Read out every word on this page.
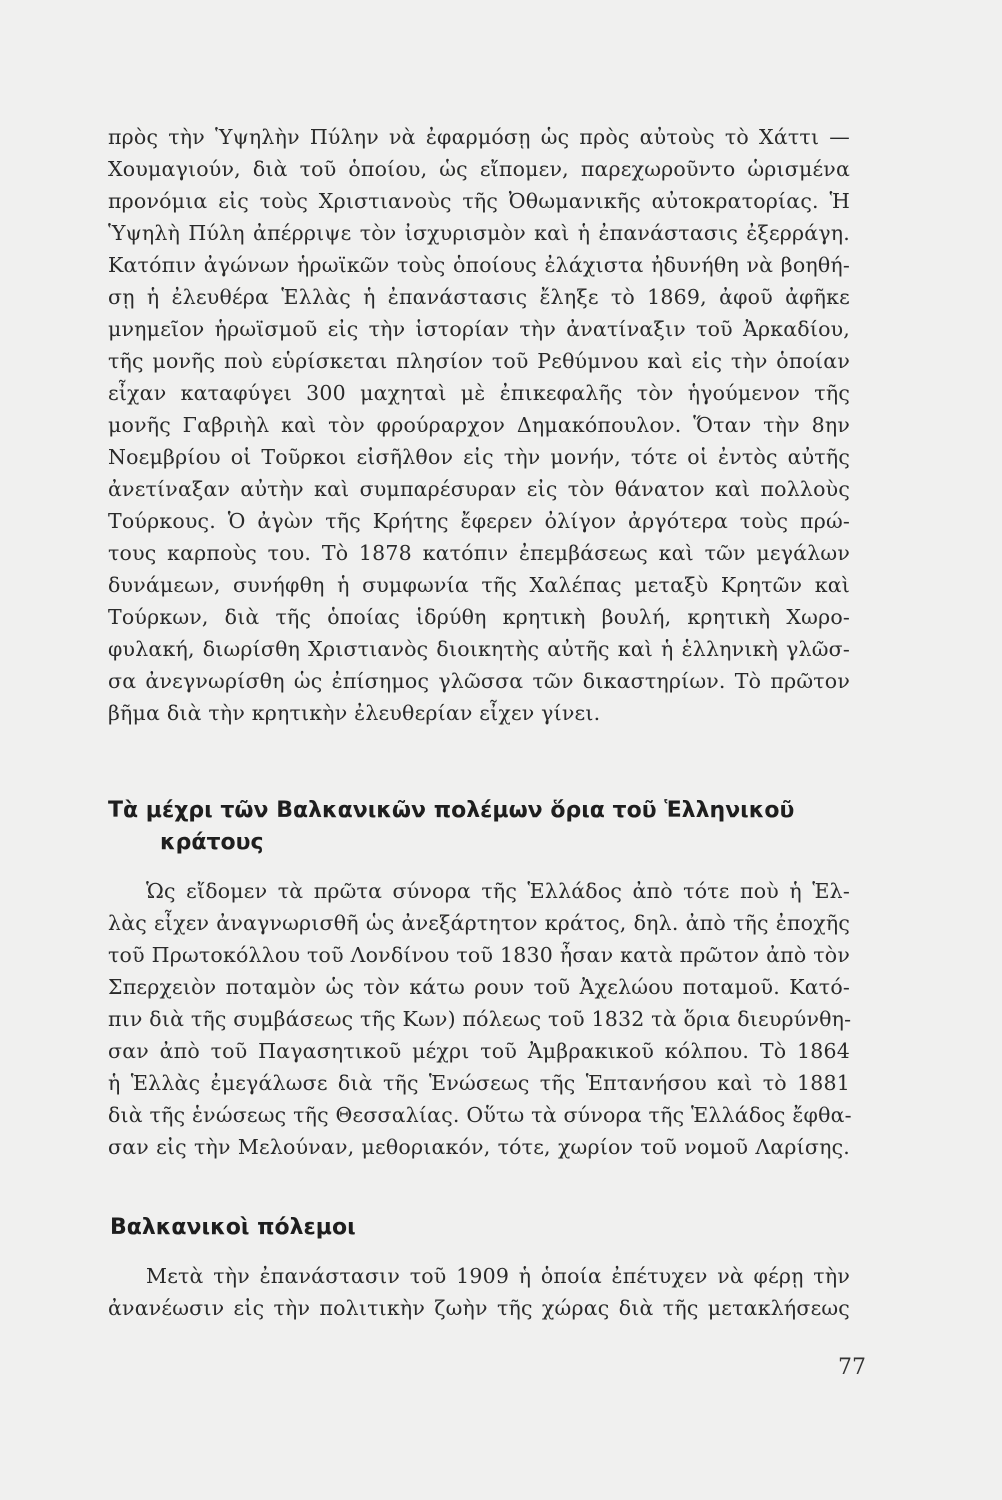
πρὸς τὴν Ὑψηλὴν Πύλην νὰ ἐφαρμόσῃ ὡς πρὸς αὐτοὺς τὸ Χάττι —
Χουμαγιούν, διὰ τοῦ ὁποίου, ὡς εἴπομεν, παρεχωροῦντο ὡρισμένα
προνόμια εἰς τοὺς Χριστιανοὺς τῆς Ὀθωμανικῆς αὐτοκρατορίας. Ἡ
Ὑψηλὴ Πύλη ἀπέρριψε τὸν ἰσχυρισμὸν καὶ ἡ ἐπανάστασις ἐξερράγη.
Κατόπιν ἀγώνων ἡρωϊκῶν τοὺς ὁποίους ἐλάχιστα ἠδυνήθη νὰ βοηθή-
σῃ ἡ ἐλευθέρα Ἑλλὰς ἡ ἐπανάστασις ἔληξε τὸ 1869, ἀφοῦ ἀφῆκε
μνημεῖον ἡρωϊσμοῦ εἰς τὴν ἱστορίαν τὴν ἀνατίναξιν τοῦ Ἀρκαδίου,
τῆς μονῆς ποὺ εὑρίσκεται πλησίον τοῦ Ρεθύμνου καὶ εἰς τὴν ὁποίαν
εἶχαν καταφύγει 300 μαχηταὶ μὲ ἐπικεφαλῆς τὸν ἡγούμενον τῆς
μονῆς Γαβριὴλ καὶ τὸν φρούραρχον Δημακόπουλον. Ὅταν τὴν 8ην
Νοεμβρίου οἱ Τοῦρκοι εἰσῆλθον εἰς τὴν μονήν, τότε οἱ ἐντὸς αὐτῆς
ἀνετίναξαν αὐτὴν καὶ συμπαρέσυραν εἰς τὸν θάνατον καὶ πολλοὺς
Τούρκους. Ὁ ἀγὼν τῆς Κρήτης ἔφερεν ὀλίγον ἀργότερα τοὺς πρώ-
τους καρποὺς του. Τὸ 1878 κατόπιν ἐπεμβάσεως καὶ τῶν μεγάλων
δυνάμεων, συνήφθη ἡ συμφωνία τῆς Χαλέπας μεταξὺ Κρητῶν καὶ
Τούρκων, διὰ τῆς ὁποίας ἱδρύθη κρητικὴ βουλή, κρητικὴ Χωρο-
φυλακή, διωρίσθη Χριστιανὸς διοικητὴς αὐτῆς καὶ ἡ ἑλληνικὴ γλῶσ-
σα ἀνεγνωρίσθη ὡς ἐπίσημος γλῶσσα τῶν δικαστηρίων. Τὸ πρῶτον
βῆμα διὰ τὴν κρητικὴν ἐλευθερίαν εἶχεν γίνει.
Τὰ μέχρι τῶν Βαλκανικῶν πολέμων ὅρια τοῦ Ἑλληνικοῦ
κράτους
Ὡς εἴδομεν τὰ πρῶτα σύνορα τῆς Ἑλλάδος ἀπὸ τότε ποὺ ἡ Ἑλ-
λὰς εἶχεν ἀναγνωρισθῆ ὡς ἀνεξάρτητον κράτος, δηλ. ἀπὸ τῆς ἐποχῆς
τοῦ Πρωτοκόλλου τοῦ Λονδίνου τοῦ 1830 ἦσαν κατὰ πρῶτον ἀπὸ τὸν
Σπερχειὸν ποταμὸν ὡς τὸν κάτω ρουν τοῦ Ἀχελώου ποταμοῦ. Κατό-
πιν διὰ τῆς συμβάσεως τῆς Κων) πόλεως τοῦ 1832 τὰ ὅρια διευρύνθη-
σαν ἀπὸ τοῦ Παγασητικοῦ μέχρι τοῦ Ἀμβρακικοῦ κόλπου. Τὸ 1864
ἡ Ἑλλὰς ἐμεγάλωσε διὰ τῆς Ἑνώσεως τῆς Ἑπτανήσου καὶ τὸ 1881
διὰ τῆς ἑνώσεως τῆς Θεσσαλίας. Οὕτω τὰ σύνορα τῆς Ἑλλάδος ἔφθα-
σαν εἰς τὴν Μελούναν, μεθοριακόν, τότε, χωρίον τοῦ νομοῦ Λαρίσης.
Βαλκανικοὶ πόλεμοι
Μετὰ τὴν ἐπανάστασιν τοῦ 1909 ἡ ὁποία ἐπέτυχεν νὰ φέρῃ τὴν
ἀνανέωσιν εἰς τὴν πολιτικὴν ζωὴν τῆς χώρας διὰ τῆς μετακλήσεως
77
